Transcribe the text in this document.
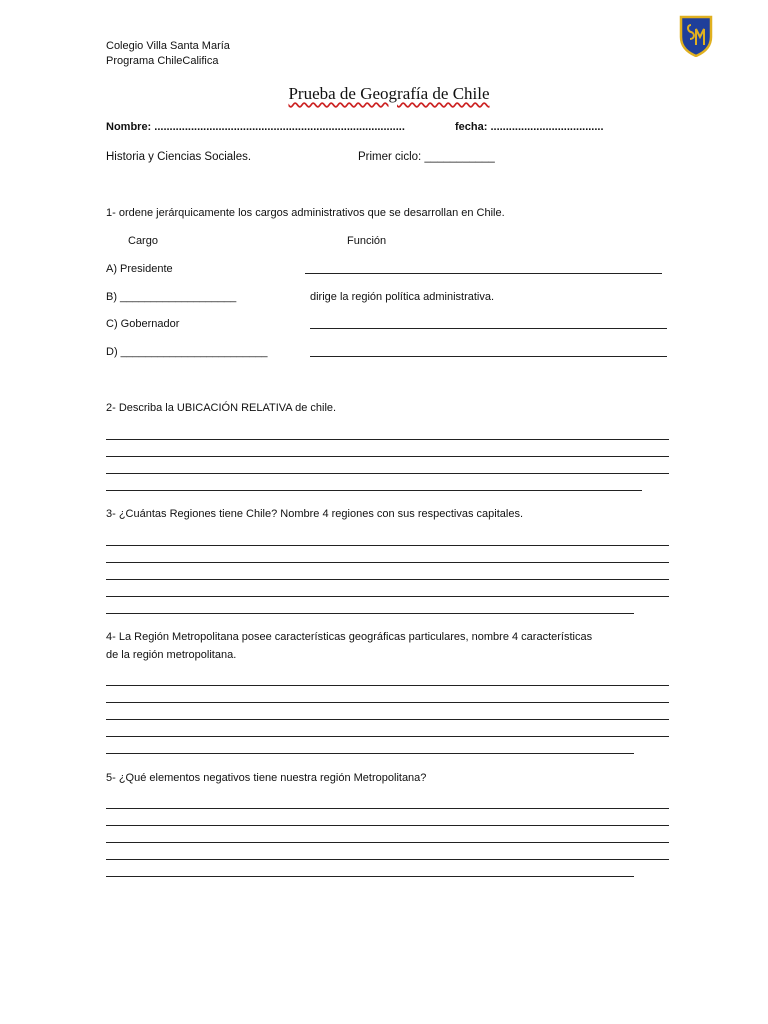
Colegio Villa Santa María
Programa ChileCalifica
Prueba de Geografía de Chile
Nombre: ..................................................................................	fecha: .....................................
Historia y Ciencias Sociales.	Primer ciclo: ___________
1- ordene jerárquicamente los cargos administrativos que se desarrollan en Chile.
Cargo	Función
A) Presidente
B) ___________________	dirige la región política administrativa.
C) Gobernador
D) ________________________
2- Describa la UBICACIÓN RELATIVA de chile.
3- ¿Cuántas Regiones tiene Chile? Nombre 4 regiones con sus respectivas capitales.
4- La Región Metropolitana posee características geográficas particulares, nombre 4 características
de la región metropolitana.
5- ¿Qué elementos negativos tiene nuestra región Metropolitana?
